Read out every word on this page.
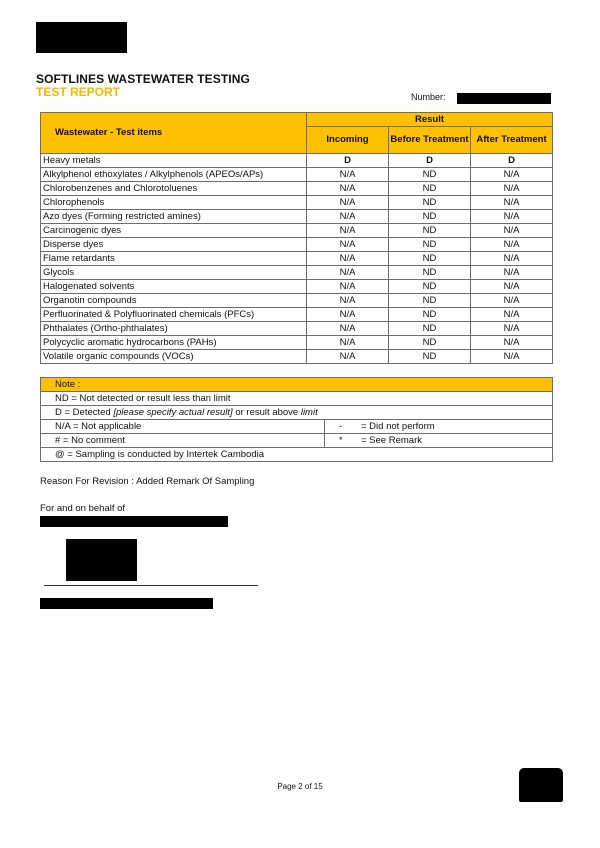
SOFTLINES WASTEWATER TESTING
TEST REPORT	Number:
Wastewater - Test items	Result		
	Incoming	Before Treatment	After Treatment
Heavy metals	D	D	D
Alkylphenol ethoxylates / Alkylphenols (APEOs/APs)	N/A	ND	N/A
Chlorobenzenes and Chlorotoluenes	N/A	ND	N/A
Chlorophenols	N/A	ND	N/A
Azo dyes (Forming restricted amines)	N/A	ND	N/A
Carcinogenic dyes	N/A	ND	N/A
Disperse dyes	N/A	ND	N/A
Flame retardants	N/A	ND	N/A
Glycols	N/A	ND	N/A
Halogenated solvents	N/A	ND	N/A
Organotin compounds	N/A	ND	N/A
Perfluorinated & Polyfluorinated chemicals (PFCs)	N/A	ND	N/A
Phthalates (Ortho-phthalates)	N/A	ND	N/A
Polycyclic aromatic hydrocarbons (PAHs)	N/A	ND	N/A
Volatile organic compounds (VOCs)	N/A	ND	N/A
Note :	
ND = Not detected or result less than limit	
D = Detected [please specify actual result] or result above limit	
N/A = Not applicable	- = Did not perform
# = No comment	* = See Remark
@ = Sampling is conducted by Intertek Cambodia	
Reason For Revision : Added Remark Of Sampling
For and on behalf of
Page 2 of 15
